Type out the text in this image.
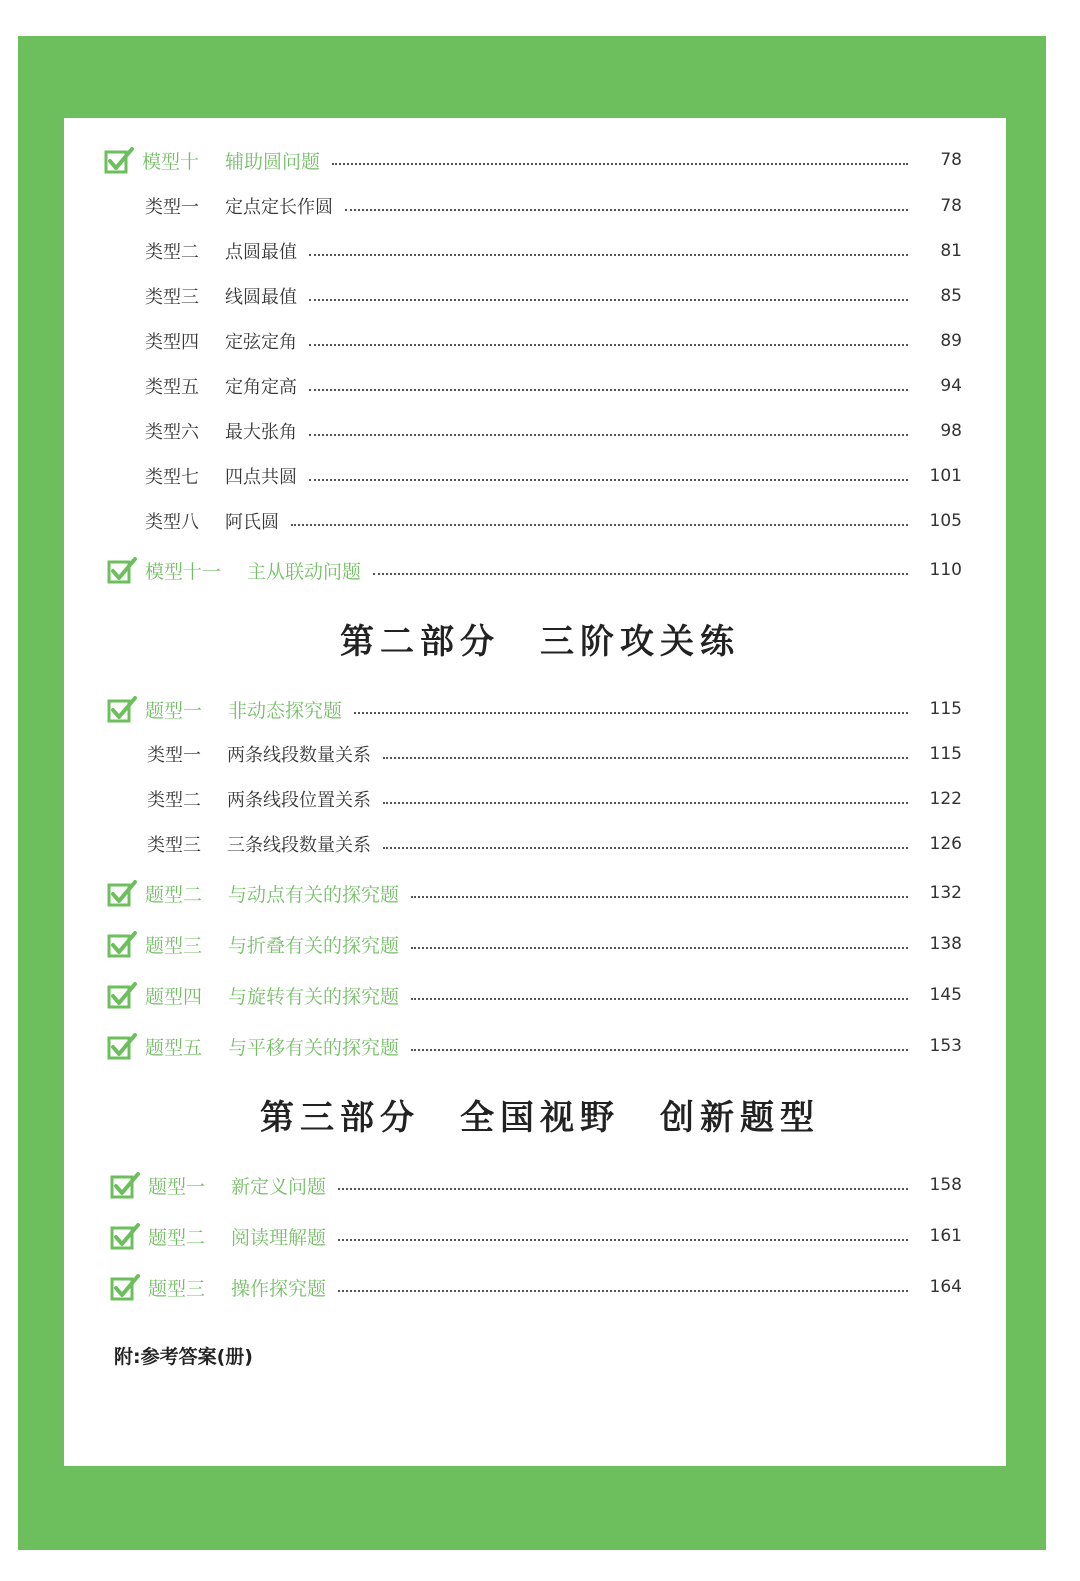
模型十 辅助圆问题	78
类型一 定点定长作圆	78
类型二 点圆最值	81
类型三 线圆最值	85
类型四 定弦定角	89
类型五 定角定高	94
类型六 最大张角	98
类型七 四点共圆	101
类型八 阿氏圆	105
模型十一 主从联动问题	110
题型一 非动态探究题	115
类型一 两条线段数量关系	115
类型二 两条线段位置关系	122
类型三 三条线段数量关系	126
题型二 与动点有关的探究题	132
题型三 与折叠有关的探究题	138
题型四 与旋转有关的探究题	145
题型五 与平移有关的探究题	153
题型一 新定义问题	158
题型二 阅读理解题	161
题型三 操作探究题	164
第二部分　三阶攻关练
第三部分　全国视野　创新题型
附:参考答案(册)
